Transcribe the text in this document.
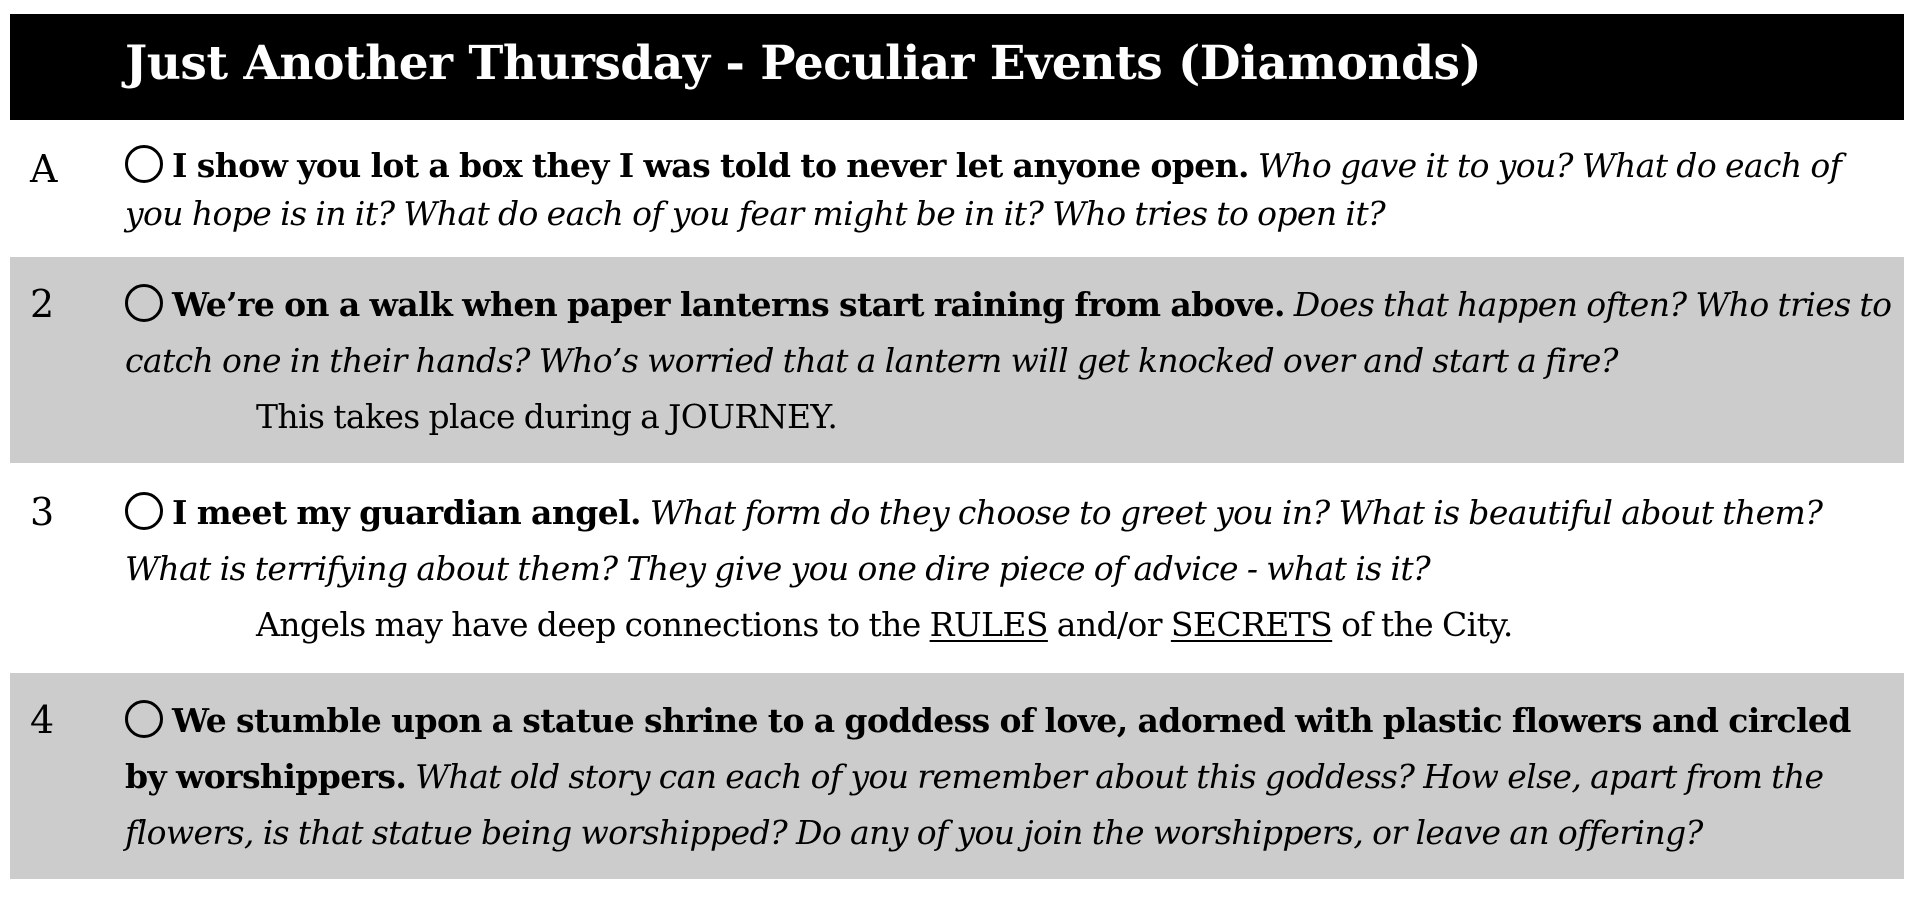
Just Another Thursday - Peculiar Events (Diamonds)
A	I show you lot a box they I was told to never let anyone open. Who gave it to you? What do each of you hope is in it? What do each of you fear might be in it? Who tries to open it?
2	We’re on a walk when paper lanterns start raining from above. Does that happen often? Who tries to catch one in their hands? Who’s worried that a lantern will get knocked over and start a fire?
This takes place during a JOURNEY.
3	I meet my guardian angel. What form do they choose to greet you in? What is beautiful about them? What is terrifying about them? They give you one dire piece of advice - what is it?
Angels may have deep connections to the RULES and/or SECRETS of the City.
4	We stumble upon a statue shrine to a goddess of love, adorned with plastic flowers and circled by worshippers. What old story can each of you remember about this goddess? How else, apart from the flowers, is that statue being worshipped? Do any of you join the worshippers, or leave an offering?
